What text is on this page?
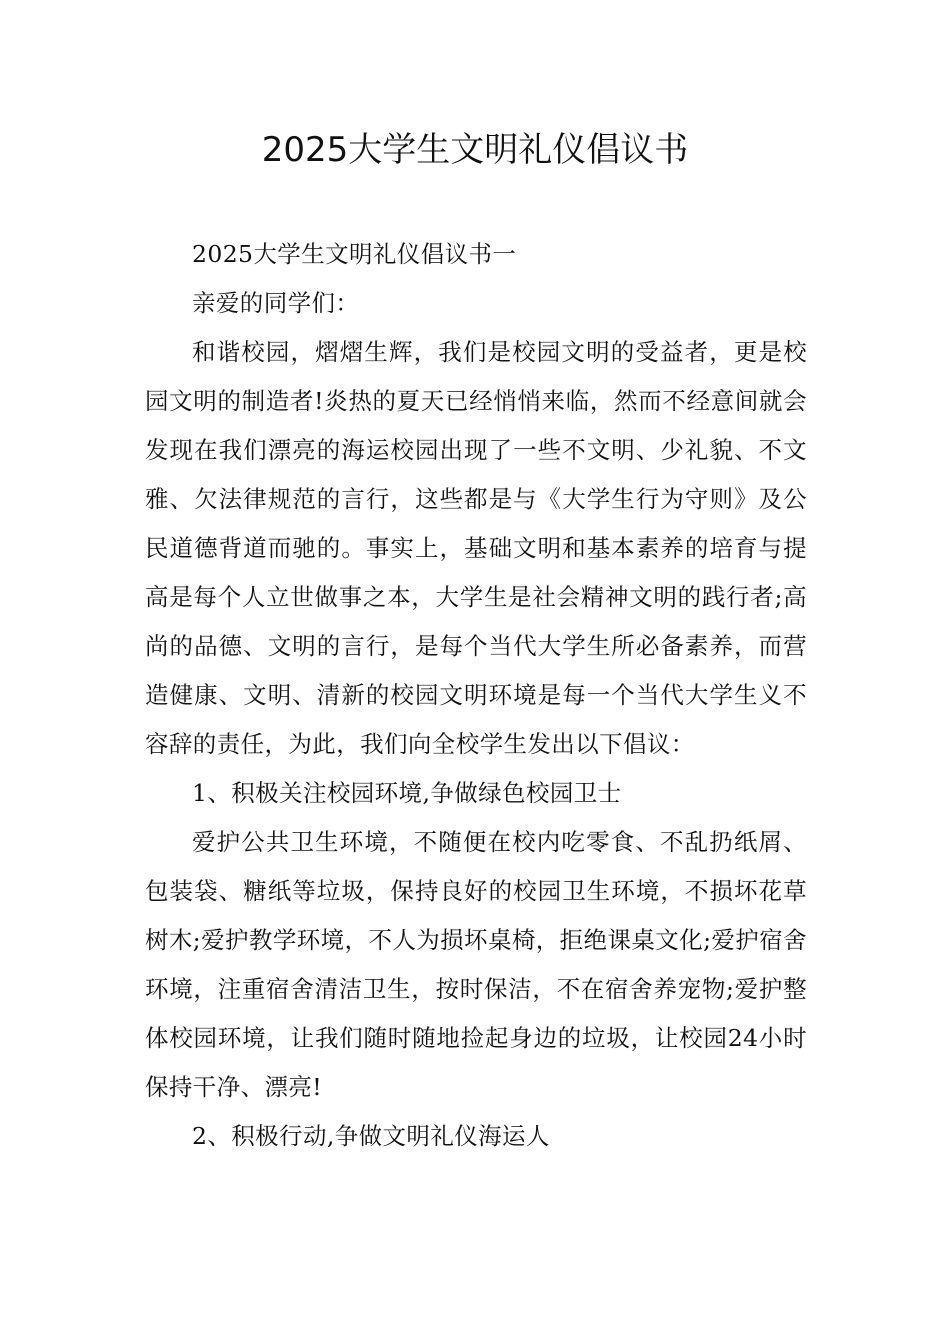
2025大学生文明礼仪倡议书

2025大学生文明礼仪倡议书一

亲爱的同学们：

和谐校园，熠熠生辉，我们是校园文明的受益者，更是校园文明的制造者!炎热的夏天已经悄悄来临，然而不经意间就会发现在我们漂亮的海运校园出现了一些不文明、少礼貌、不文雅、欠法律规范的言行，这些都是与《大学生行为守则》及公民道德背道而驰的。事实上，基础文明和基本素养的培育与提高是每个人立世做事之本，大学生是社会精神文明的践行者;高尚的品德、文明的言行，是每个当代大学生所必备素养，而营造健康、文明、清新的校园文明环境是每一个当代大学生义不容辞的责任，为此，我们向全校学生发出以下倡议：

1、积极关注校园环境,争做绿色校园卫士

爱护公共卫生环境，不随便在校内吃零食、不乱扔纸屑、包装袋、糖纸等垃圾，保持良好的校园卫生环境，不损坏花草树木;爱护教学环境，不人为损坏桌椅，拒绝课桌文化;爱护宿舍环境，注重宿舍清洁卫生，按时保洁，不在宿舍养宠物;爱护整体校园环境，让我们随时随地捡起身边的垃圾，让校园24小时保持干净、漂亮!

2、积极行动,争做文明礼仪海运人
